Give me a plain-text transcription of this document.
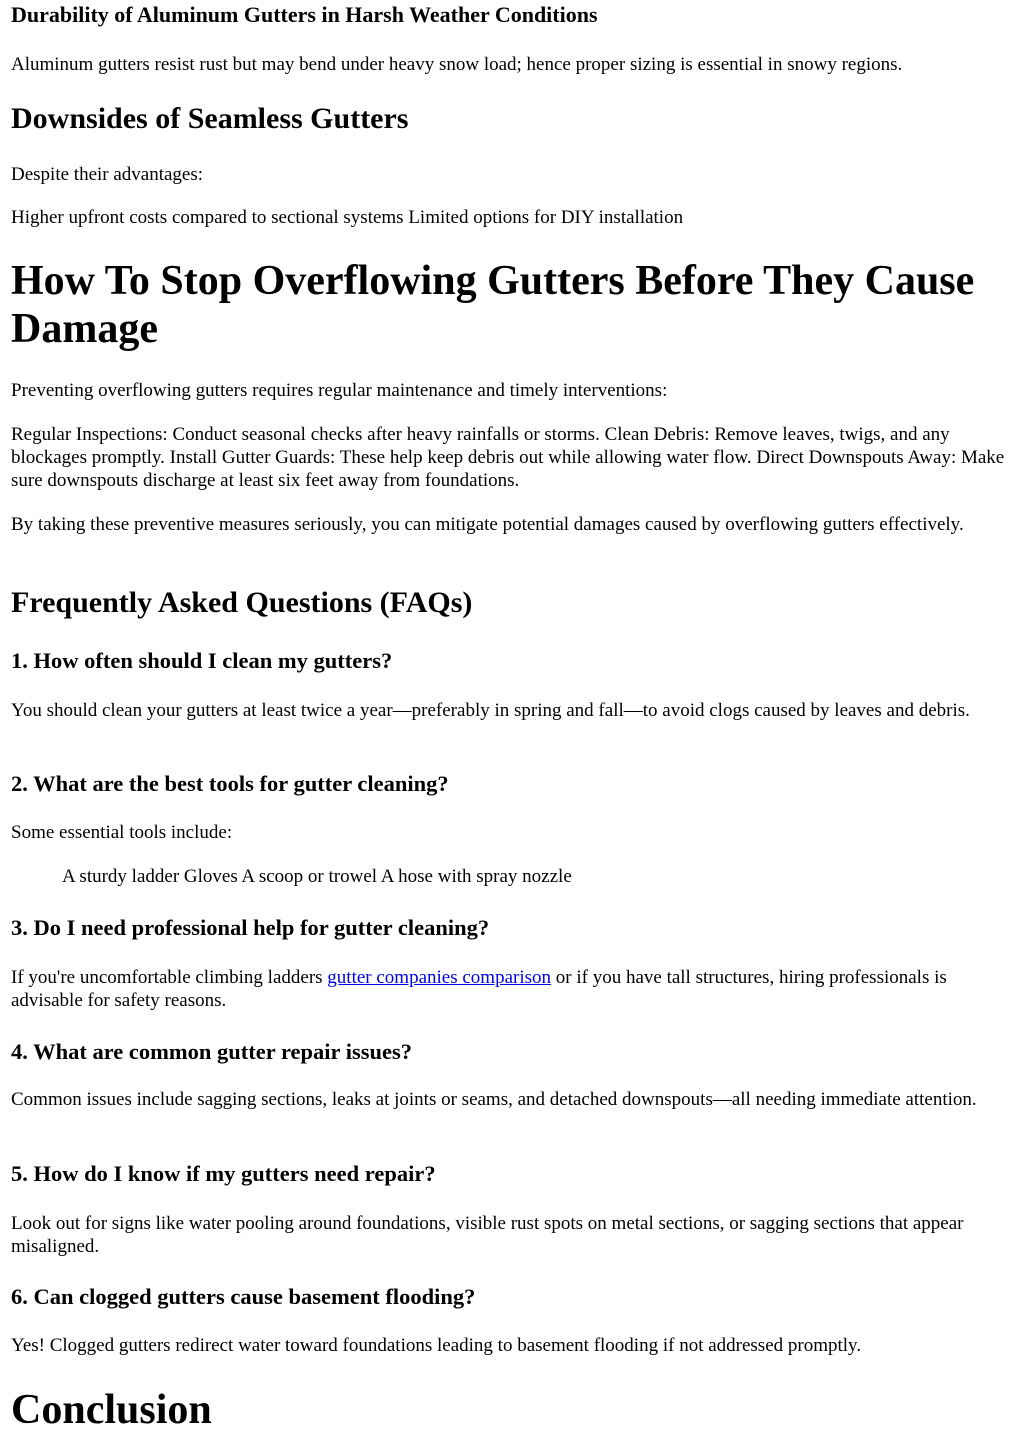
Durability of Aluminum Gutters in Harsh Weather Conditions

Aluminum gutters resist rust but may bend under heavy snow load; hence proper sizing is essential in snowy regions.

Downsides of Seamless Gutters

Despite their advantages:

Higher upfront costs compared to sectional systems Limited options for DIY installation

How To Stop Overflowing Gutters Before They Cause Damage

Preventing overflowing gutters requires regular maintenance and timely interventions:

Regular Inspections: Conduct seasonal checks after heavy rainfalls or storms. Clean Debris: Remove leaves, twigs, and any blockages promptly. Install Gutter Guards: These help keep debris out while allowing water flow. Direct Downspouts Away: Make sure downspouts discharge at least six feet away from foundations.

By taking these preventive measures seriously, you can mitigate potential damages caused by overflowing gutters effectively.

Frequently Asked Questions (FAQs)
1. How often should I clean my gutters?

You should clean your gutters at least twice a year—preferably in spring and fall—to avoid clogs caused by leaves and debris.

2. What are the best tools for gutter cleaning?

Some essential tools include:

A sturdy ladder Gloves A scoop or trowel A hose with spray nozzle

3. Do I need professional help for gutter cleaning?

If you're uncomfortable climbing ladders gutter companies comparison or if you have tall structures, hiring professionals is advisable for safety reasons.

4. What are common gutter repair issues?

Common issues include sagging sections, leaks at joints or seams, and detached downspouts—all needing immediate attention.

5. How do I know if my gutters need repair?

Look out for signs like water pooling around foundations, visible rust spots on metal sections, or sagging sections that appear misaligned.

6. Can clogged gutters cause basement flooding?

Yes! Clogged gutters redirect water toward foundations leading to basement flooding if not addressed promptly.

Conclusion
